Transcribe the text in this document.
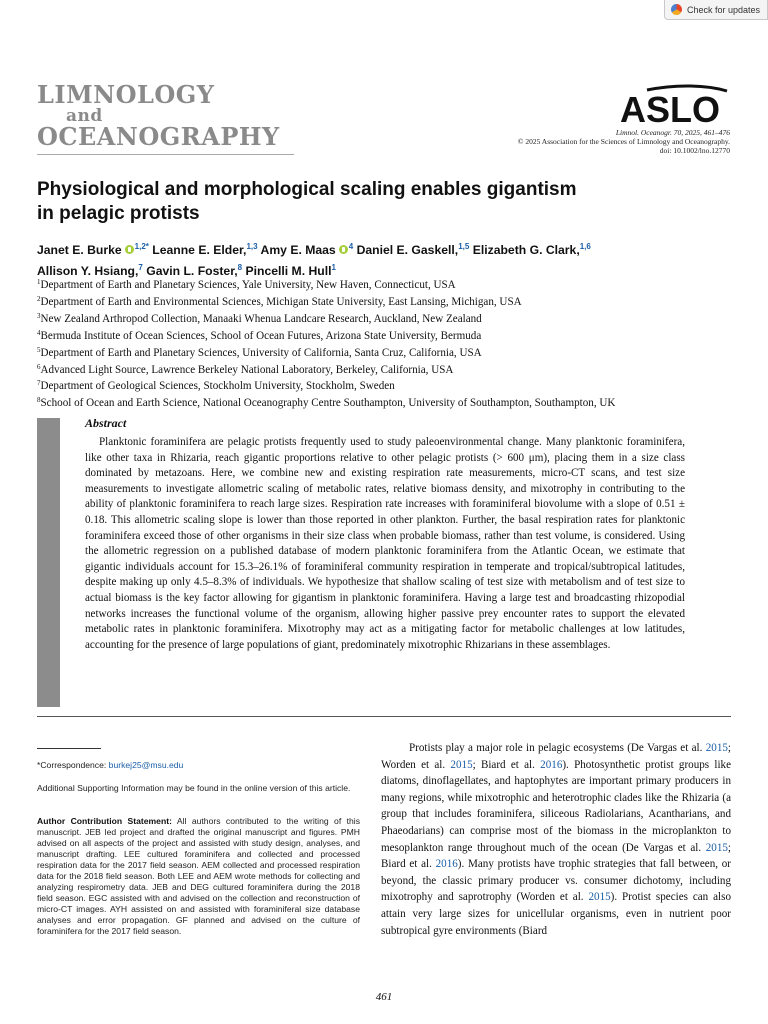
Check for updates
LIMNOLOGY
and
OCEANOGRAPHY
ASLO
Limnol. Oceanogr. 70, 2025, 461–476
© 2025 Association for the Sciences of Limnology and Oceanography.
doi: 10.1002/lno.12770
Physiological and morphological scaling enables gigantism
in pelagic protists
Janet E. Burke $^{1,2*}$ Leanne E. Elder,$^{1,3}$ Amy E. Maas $^4$ Daniel E. Gaskell,$^{1,5}$ Elizabeth G. Clark,$^{1,6}$
Allison Y. Hsiang,$^7$ Gavin L. Foster,$^8$ Pincelli M. Hull$^1$
$^1$Department of Earth and Planetary Sciences, Yale University, New Haven, Connecticut, USA
$^2$Department of Earth and Environmental Sciences, Michigan State University, East Lansing, Michigan, USA
$^3$New Zealand Arthropod Collection, Manaaki Whenua Landcare Research, Auckland, New Zealand
$^4$Bermuda Institute of Ocean Sciences, School of Ocean Futures, Arizona State University, Bermuda
$^5$Department of Earth and Planetary Sciences, University of California, Santa Cruz, California, USA
$^6$Advanced Light Source, Lawrence Berkeley National Laboratory, Berkeley, California, USA
$^7$Department of Geological Sciences, Stockholm University, Stockholm, Sweden
$^8$School of Ocean and Earth Science, National Oceanography Centre Southampton, University of Southampton, Southampton, UK
Abstract
Planktonic foraminifera are pelagic protists frequently used to study paleoenvironmental change. Many planktonic foraminifera, like other taxa in Rhizaria, reach gigantic proportions relative to other pelagic protists (> 600 μm), placing them in a size class dominated by metazoans. Here, we combine new and existing respiration rate measurements, micro-CT scans, and test size measurements to investigate allometric scaling of metabolic rates, relative biomass density, and mixotrophy in contributing to the ability of planktonic foraminifera to reach large sizes. Respiration rate increases with foraminiferal biovolume with a slope of 0.51 ± 0.18. This allometric scaling slope is lower than those reported in other plankton. Further, the basal respiration rates for planktonic foraminifera exceed those of other organisms in their size class when probable biomass, rather than test volume, is considered. Using the allometric regression on a published database of modern planktonic foraminifera from the Atlantic Ocean, we estimate that gigantic individuals account for 15.3–26.1% of foraminiferal community respiration in temperate and tropical/subtropical latitudes, despite making up only 4.5–8.3% of individuals. We hypothesize that shallow scaling of test size with metabolism and of test size to actual biomass is the key factor allowing for gigantism in planktonic foraminifera. Having a large test and broadcasting rhizopodial networks increases the functional volume of the organism, allowing higher passive prey encounter rates to support the elevated metabolic rates in planktonic foraminifera. Mixotrophy may act as a mitigating factor for metabolic challenges at low latitudes, accounting for the presence of large populations of giant, predominately mixotrophic Rhizarians in these assemblages.
*Correspondence: burkej25@msu.edu
Additional Supporting Information may be found in the online version of this article.
Author Contribution Statement: All authors contributed to the writing of this manuscript. JEB led project and drafted the original manuscript and figures. PMH advised on all aspects of the project and assisted with study design, analyses, and manuscript drafting. LEE cultured foraminifera and collected and processed respiration data for the 2017 field season. AEM collected and processed respiration data for the 2018 field season. Both LEE and AEM wrote methods for collecting and analyzing respirometry data. JEB and DEG cultured foraminifera during the 2018 field season. EGC assisted with and advised on the collection and reconstruction of micro-CT images. AYH assisted on and assisted with foraminiferal size database analyses and error propagation. GF planned and advised on the culture of foraminifera for the 2017 field season.
Protists play a major role in pelagic ecosystems (De Vargas et al. 2015; Worden et al. 2015; Biard et al. 2016). Photosynthetic protist groups like diatoms, dinoflagellates, and haptophytes are important primary producers in many regions, while mixotrophic and heterotrophic clades like the Rhizaria (a group that includes foraminifera, siliceous Radiolarians, Acantharians, and Phaeodarians) can comprise most of the biomass in the microplankton to mesoplankton range throughout much of the ocean (De Vargas et al. 2015; Biard et al. 2016). Many protists have trophic strategies that fall between, or beyond, the classic primary producer vs. consumer dichotomy, including mixotrophy and saprotrophy (Worden et al. 2015). Protist species can also attain very large sizes for unicellular organisms, even in nutrient poor subtropical gyre environments (Biard
461
